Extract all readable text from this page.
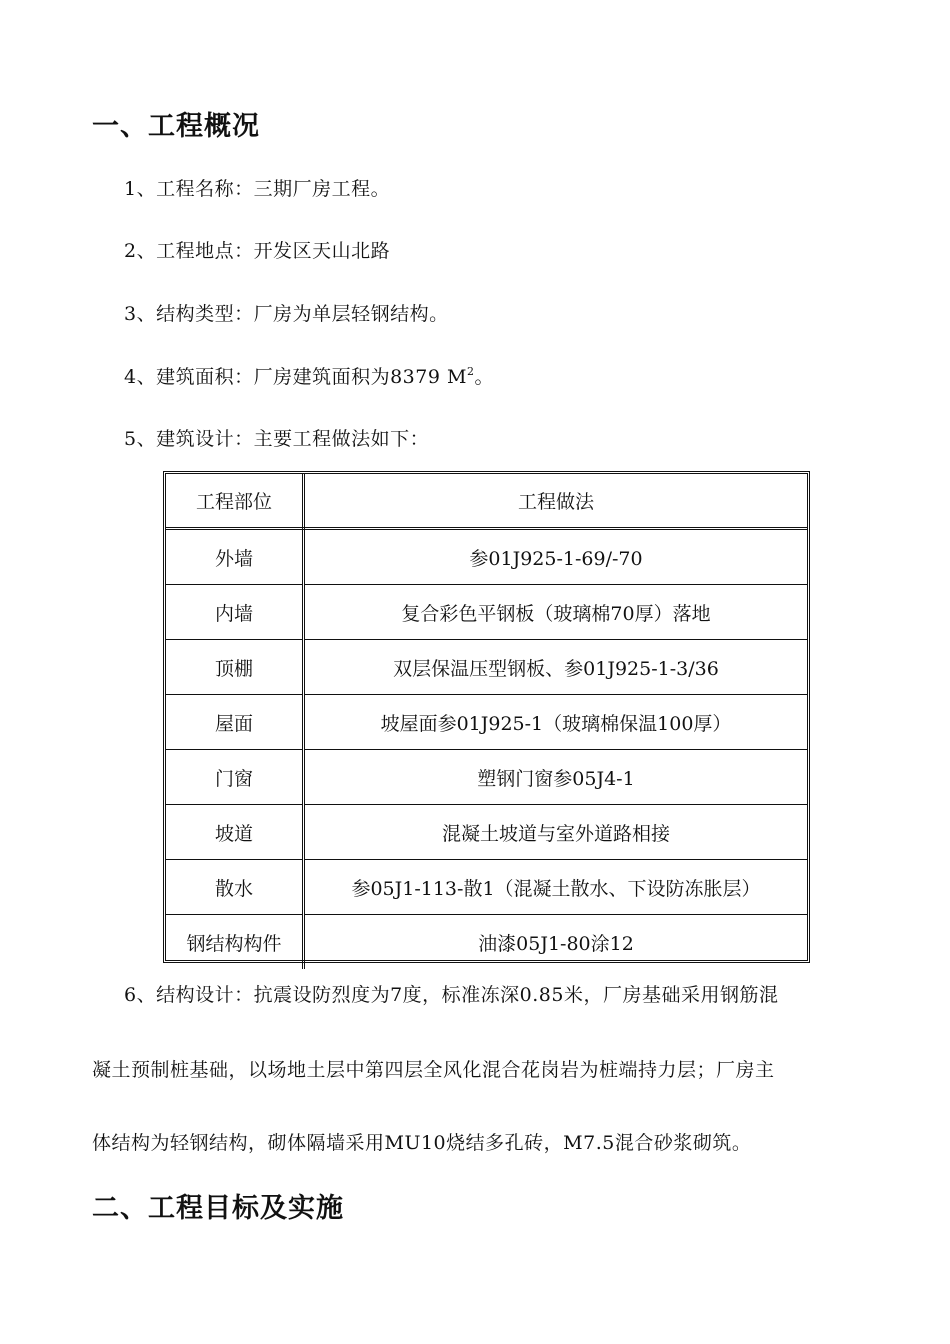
一、工程概况
1、工程名称：三期厂房工程。
2、工程地点：开发区天山北路
3、结构类型：厂房为单层轻钢结构。
4、建筑面积：厂房建筑面积为8379 $M^2$。
5、建筑设计：主要工程做法如下：
工程部位	工程做法
外墙	参01J925-1-69/-70
内墙	复合彩色平钢板（玻璃棉70厚）落地
顶棚	双层保温压型钢板、参01J925-1-3/36
屋面	坡屋面参01J925-1（玻璃棉保温100厚）
门窗	塑钢门窗参05J4-1
坡道	混凝土坡道与室外道路相接
散水	参05J1-113-散1（混凝土散水、下设防冻胀层）
钢结构构件	油漆05J1-80涂12
6、结构设计：抗震设防烈度为7度，标准冻深0.85米，厂房基础采用钢筋混
凝土预制桩基础，以场地土层中第四层全风化混合花岗岩为桩端持力层；厂房主
体结构为轻钢结构，砌体隔墙采用MU10烧结多孔砖，M7.5混合砂浆砌筑。
二、工程目标及实施
